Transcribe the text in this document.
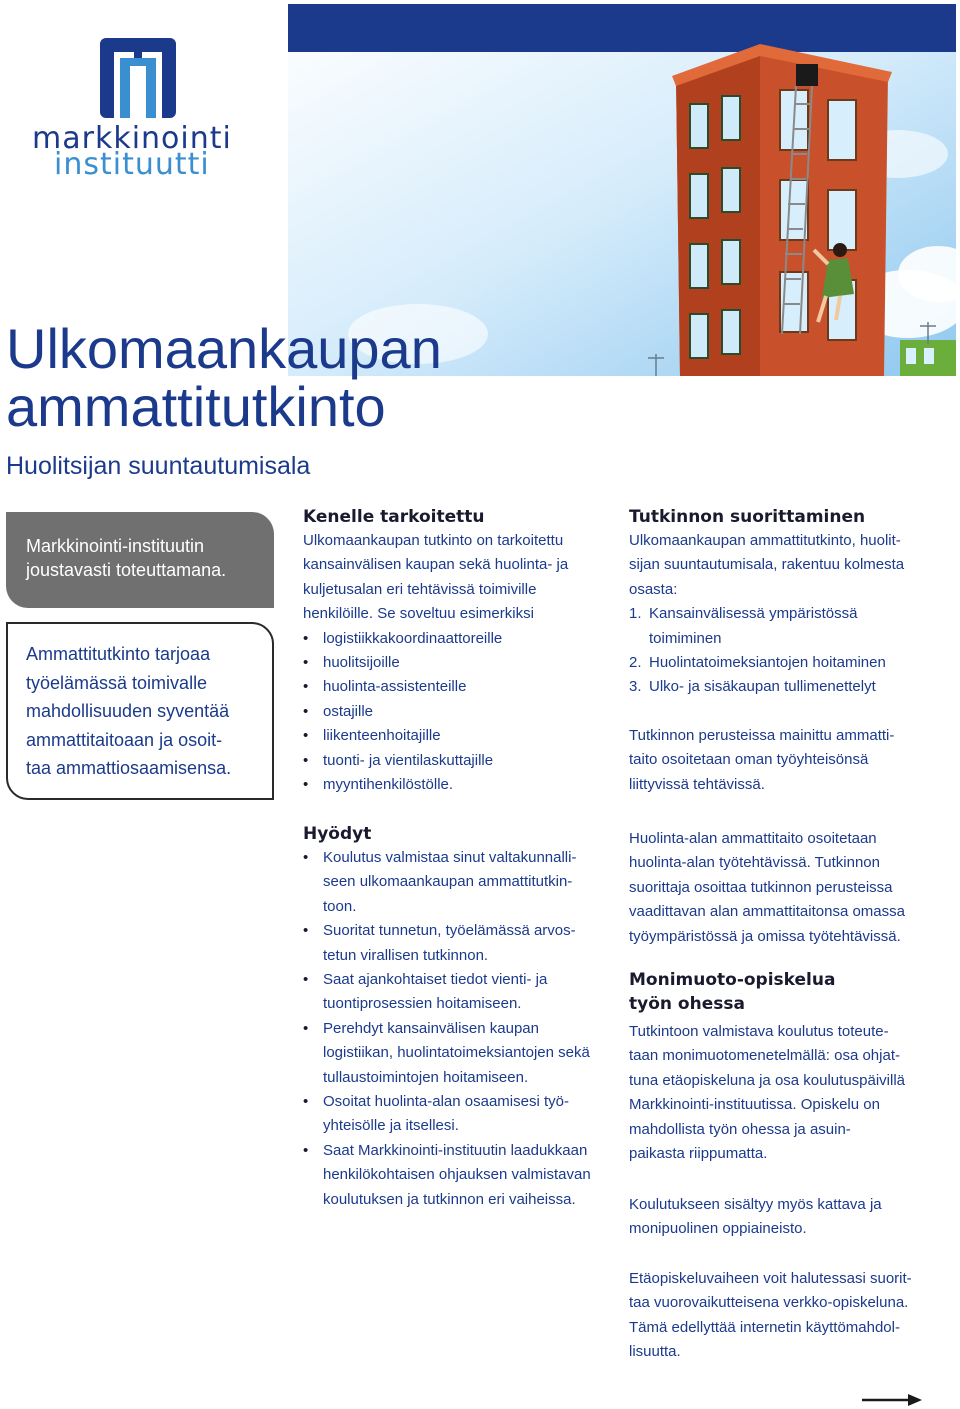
markkinointi
instituutti
Ulkomaankaupan
ammattitutkinto
Huolitsijan suuntautumisala
Markkinointi-instituutin
joustavasti toteuttamana.
Ammattitutkinto tarjoaa
työelämässä toimivalle
mahdollisuuden syventää
ammattitaitoaan ja osoit-
taa ammattiosaamisensa.
Kenelle tarkoitettu
Ulkomaankaupan tutkinto on tarkoitettu
kansainvälisen kaupan sekä huolinta- ja
kuljetusalan eri tehtävissä toimiville
henkilöille. Se soveltuu esimerkiksi
• logistiikkakoordinaattoreille
• huolitsijoille
• huolinta-assistenteille
• ostajille
• liikenteenhoitajille
• tuonti- ja vientilaskuttajille
• myyntihenkilöstölle.
Hyödyt
• Koulutus valmistaa sinut valtakunnalli-
seen ulkomaankaupan ammattitutkin-
toon.
• Suoritat tunnetun, työelämässä arvos-
tetun virallisen tutkinnon.
• Saat ajankohtaiset tiedot vienti- ja
tuontiprosessien hoitamiseen.
• Perehdyt kansainvälisen kaupan
logistiikan, huolintatoimeksiantojen sekä
tullaustoimintojen hoitamiseen.
• Osoitat huolinta-alan osaamisesi työ-
yhteisölle ja itsellesi.
• Saat Markkinointi-instituutin laadukkaan
henkilökohtaisen ohjauksen valmistavan
koulutuksen ja tutkinnon eri vaiheissa.
Tutkinnon suorittaminen
Ulkomaankaupan ammattitutkinto, huolit-
sijan suuntautumisala, rakentuu kolmesta
osasta:
1. Kansainvälisessä ympäristössä
toimiminen
2. Huolintatoimeksiantojen hoitaminen
3. Ulko- ja sisäkaupan tullimenettelyt
Tutkinnon perusteissa mainittu ammatti-
taito osoitetaan oman työyhteisönsä
liittyvissä tehtävissä.
Huolinta-alan ammattitaito osoitetaan
huolinta-alan työtehtävissä. Tutkinnon
suorittaja osoittaa tutkinnon perusteissa
vaadittavan alan ammattitaitonsa omassa
työympäristössä ja omissa työtehtävissä.
Monimuoto-opiskelua
työn ohessa
Tutkintoon valmistava koulutus toteute-
taan monimuotomenetelmällä: osa ohjat-
tuna etäopiskeluna ja osa koulutuspäivillä
Markkinointi-instituutissa. Opiskelu on
mahdollista työn ohessa ja asuin-
paikasta riippumatta.
Koulutukseen sisältyy myös kattava ja
monipuolinen oppiaineisto.
Etäopiskeluvaiheen voit halutessasi suorit-
taa vuorovaikutteisena verkko-opiskeluna.
Tämä edellyttää internetin käyttömahdol-
lisuutta.
